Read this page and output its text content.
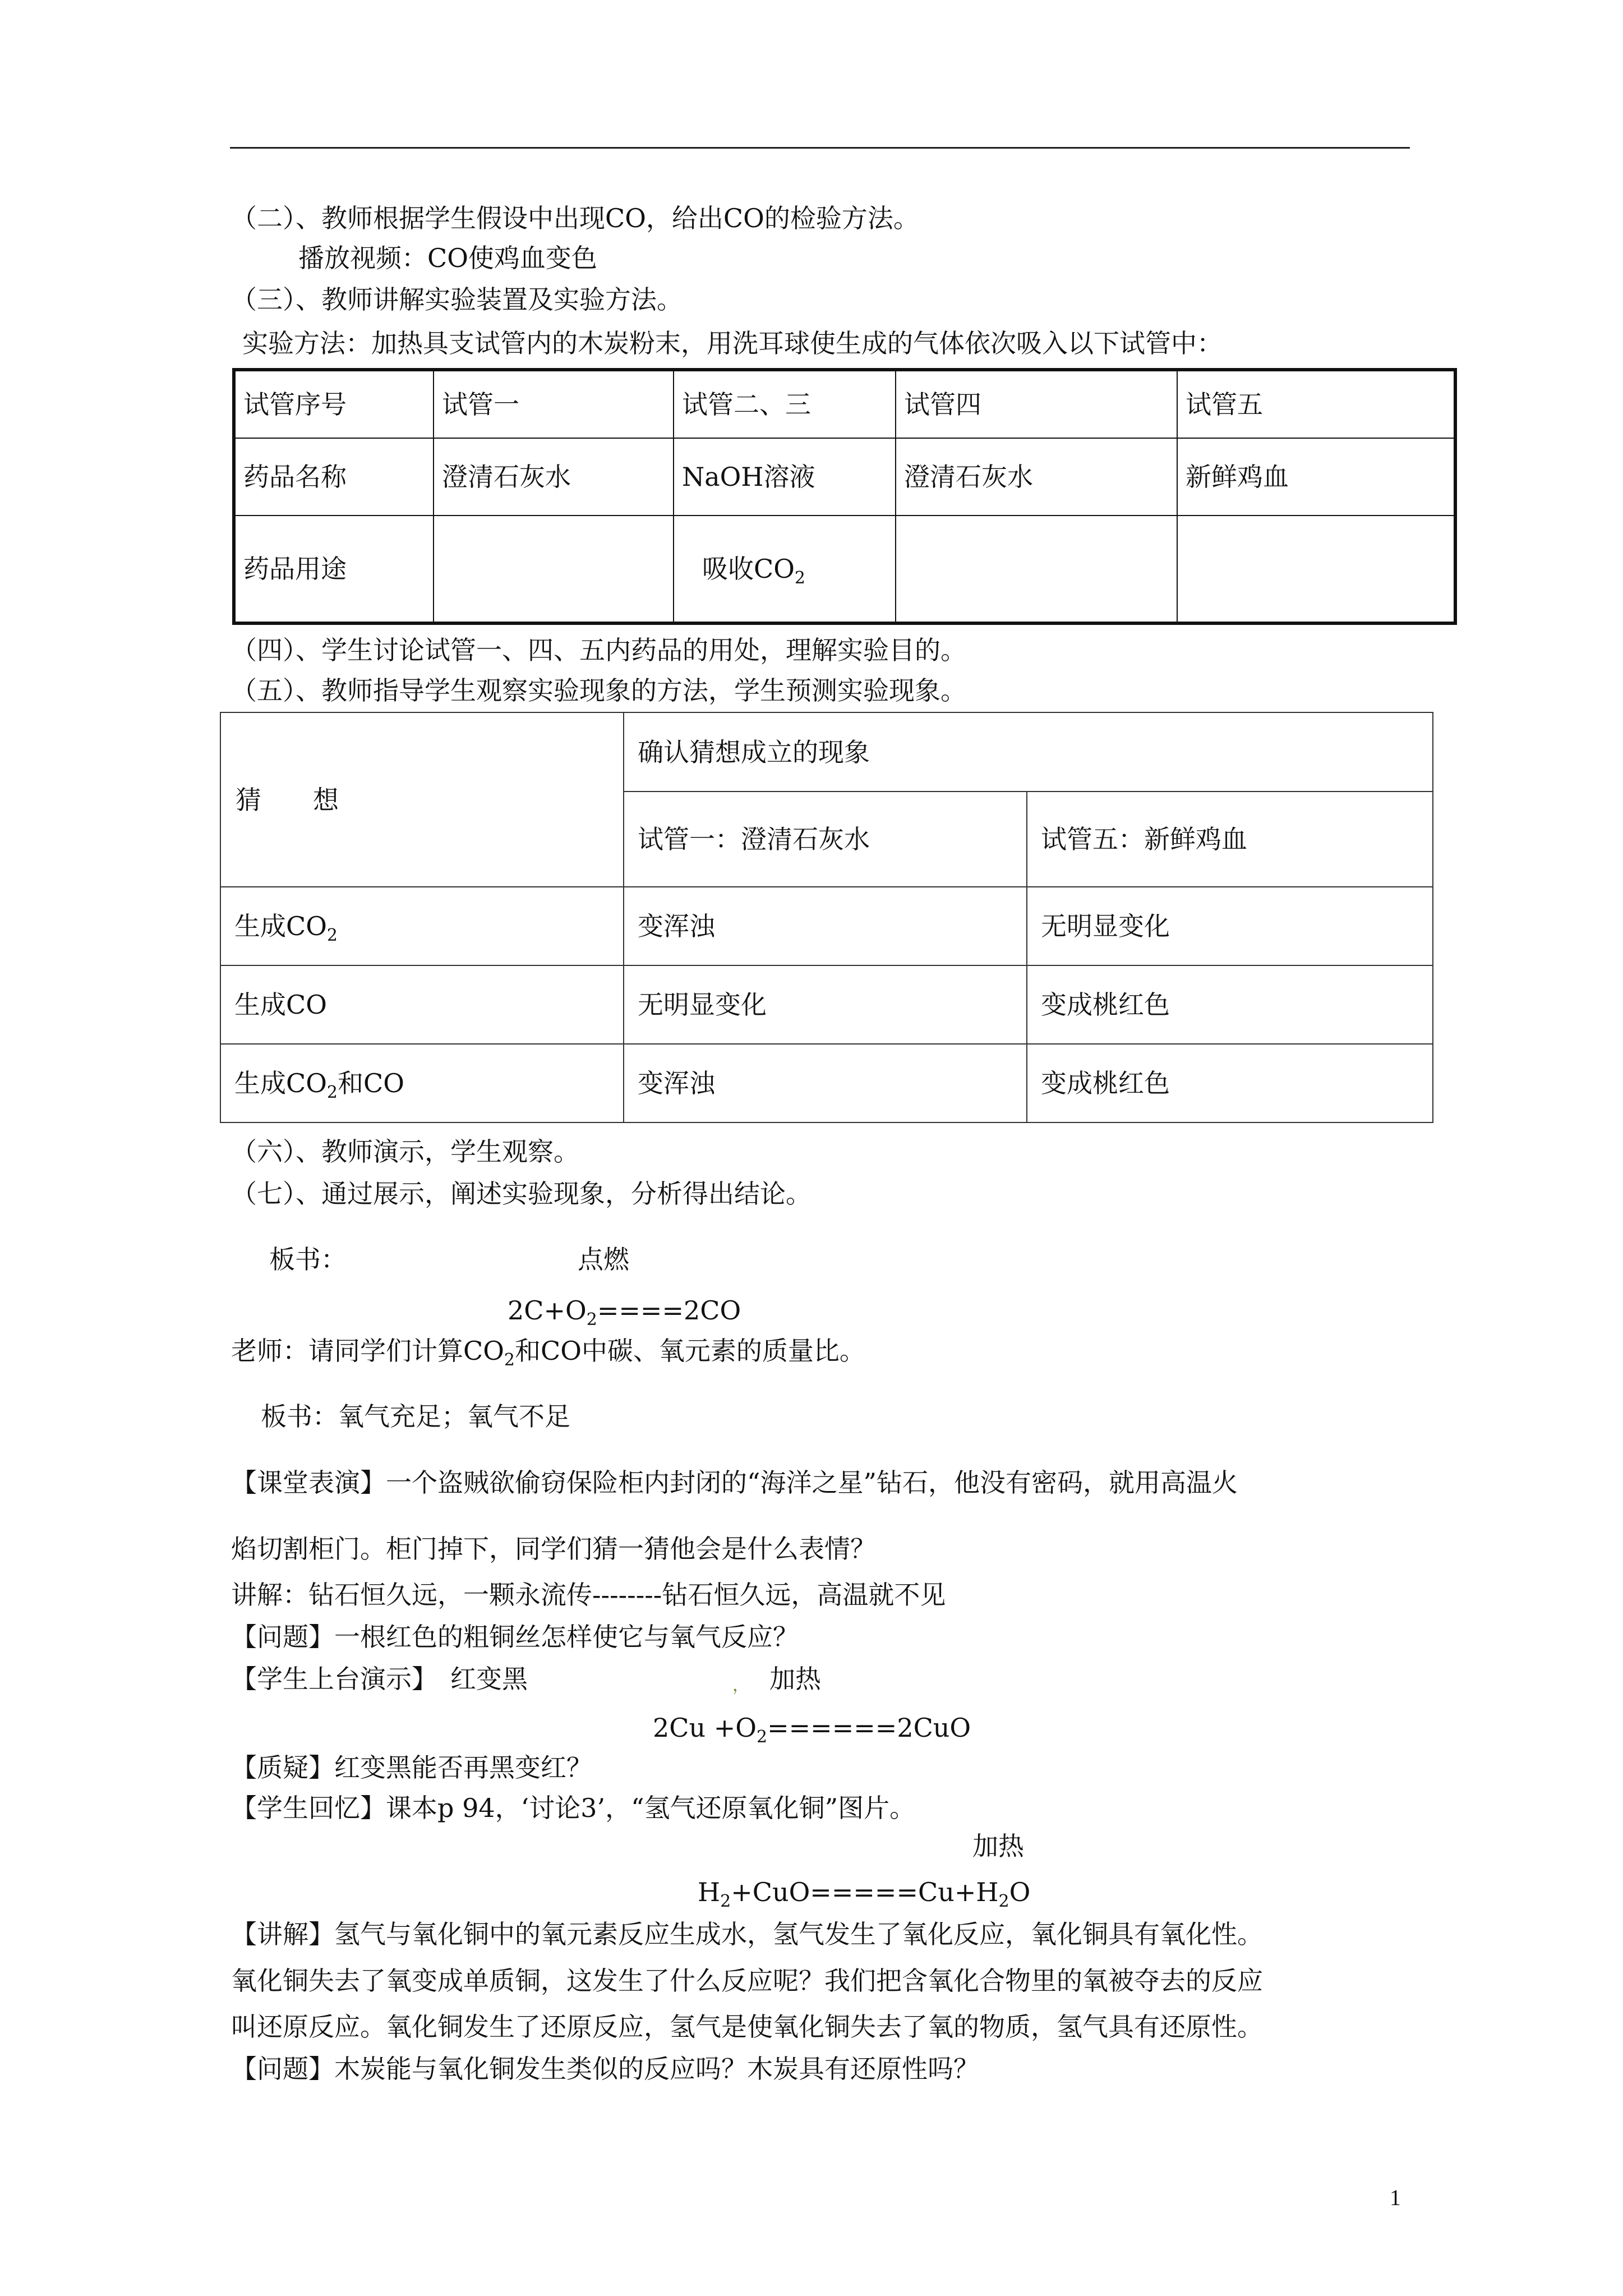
（二）、教师根据学生假设中出现CO，给出CO的检验方法。
播放视频：CO使鸡血变色
（三）、教师讲解实验装置及实验方法。
实验方法：加热具支试管内的木炭粉末，用洗耳球使生成的气体依次吸入以下试管中：
试管序号	试管一	试管二、三	试管四	试管五
药品名称	澄清石灰水	NaOH溶液	澄清石灰水	新鲜鸡血
药品用途		吸收$CO_2$		
（四）、学生讨论试管一、四、五内药品的用处，理解实验目的。
（五）、教师指导学生观察实验现象的方法，学生预测实验现象。
猜　　想	确认猜想成立的现象	
	试管一：澄清石灰水	试管五：新鲜鸡血
生成$CO_2$	变浑浊	无明显变化
生成CO	无明显变化	变成桃红色
生成$CO_2$和CO	变浑浊	变成桃红色
（六）、教师演示，学生观察。
（七）、通过展示，阐述实验现象，分析得出结论。
板书：	点燃
$2C+O_2====2CO$
老师：请同学们计算$CO_2$和CO中碳、氧元素的质量比。
板书：氧气充足；氧气不足
【课堂表演】一个盗贼欲偷窃保险柜内封闭的“海洋之星”钻石，他没有密码，就用高温火
焰切割柜门。柜门掉下，同学们猜一猜他会是什么表情？
讲解：钻石恒久远，一颗永流传--------钻石恒久远，高温就不见
【问题】一根红色的粗铜丝怎样使它与氧气反应？
【学生上台演示】　红变黑	， 加热
$2Cu +O_2======2CuO$
【质疑】红变黑能否再黑变红？
【学生回忆】课本p 94，‘讨论3’，“氢气还原氧化铜”图片。
加热
$H_2+CuO=====Cu+H_2O$
【讲解】氢气与氧化铜中的氧元素反应生成水，氢气发生了氧化反应，氧化铜具有氧化性。
氧化铜失去了氧变成单质铜，这发生了什么反应呢？我们把含氧化合物里的氧被夺去的反应
叫还原反应。氧化铜发生了还原反应，氢气是使氧化铜失去了氧的物质，氢气具有还原性。
【问题】木炭能与氧化铜发生类似的反应吗？木炭具有还原性吗？
1
